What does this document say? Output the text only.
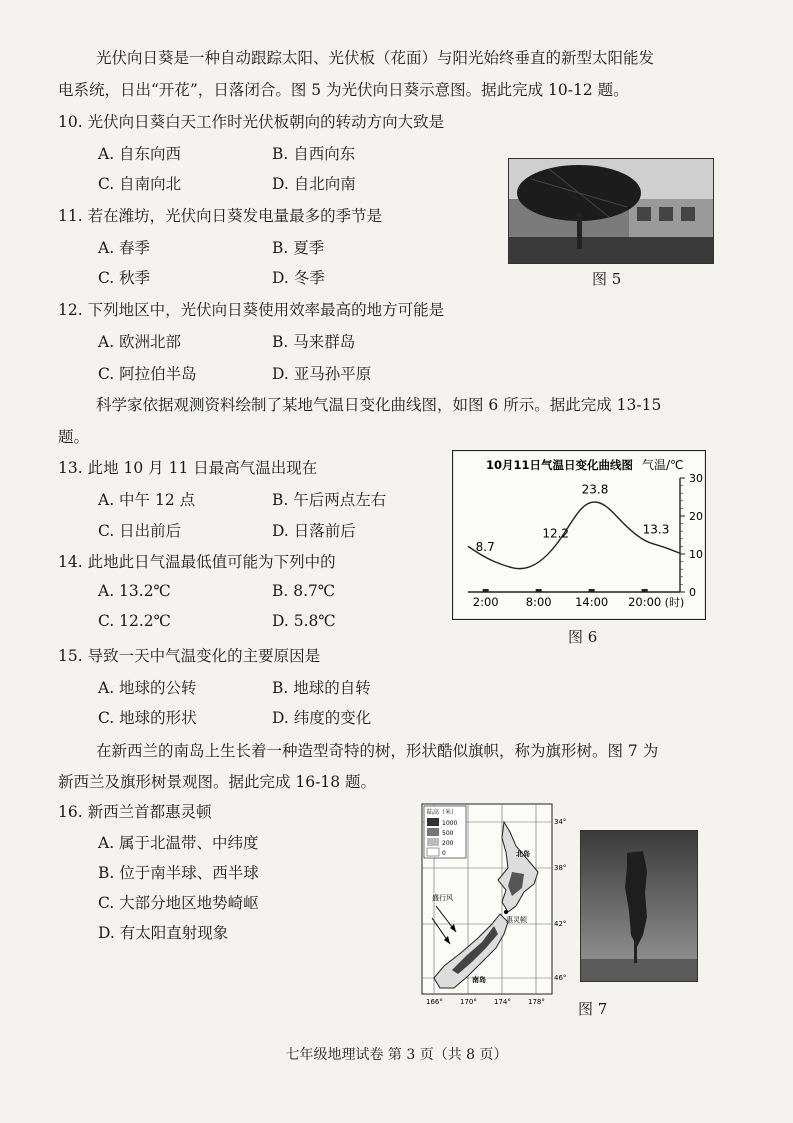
光伏向日葵是一种自动跟踪太阳、光伏板（花面）与阳光始终垂直的新型太阳能发
电系统，日出“开花”，日落闭合。图 5 为光伏向日葵示意图。据此完成 10-12 题。
10. 光伏向日葵白天工作时光伏板朝向的转动方向大致是
A. 自东向西	B. 自西向东
C. 自南向北	D. 自北向南
11. 若在潍坊，光伏向日葵发电量最多的季节是
A. 春季	B. 夏季
C. 秋季	D. 冬季	图 5
12. 下列地区中，光伏向日葵使用效率最高的地方可能是
A. 欧洲北部	B. 马来群岛
C. 阿拉伯半岛	D. 亚马孙平原
科学家依据观测资料绘制了某地气温日变化曲线图，如图 6 所示。据此完成 13-15
题。
13. 此地 10 月 11 日最高气温出现在
A. 中午 12 点	B. 午后两点左右
C. 日出前后	D. 日落前后
14. 此地此日气温最低值可能为下列中的
A. 13.2℃	B. 8.7℃
C. 12.2℃	D. 5.8℃
10月11日气温日变化曲线图 气温/℃
0
10
20
30
2:00 8:00 14:00 20:00
8.7
12.2
23.8
13.3
(时)
图 6
15. 导致一天中气温变化的主要原因是
A. 地球的公转	B. 地球的自转
C. 地球的形状	D. 纬度的变化
在新西兰的南岛上生长着一种造型奇特的树，形状酷似旗帜，称为旗形树。图 7 为
新西兰及旗形树景观图。据此完成 16-18 题。
16. 新西兰首都惠灵顿
A. 属于北温带、中纬度
B. 位于南半球、西半球
C. 大部分地区地势崎岖
D. 有太阳直射现象
陆高（米）
1000
500
200
0	北岛
南岛
惠灵顿
盛行风
34°
38°
42°
46°
166° 170° 174° 178° 图 7
七年级地理试卷 第 3 页（共 8 页）
